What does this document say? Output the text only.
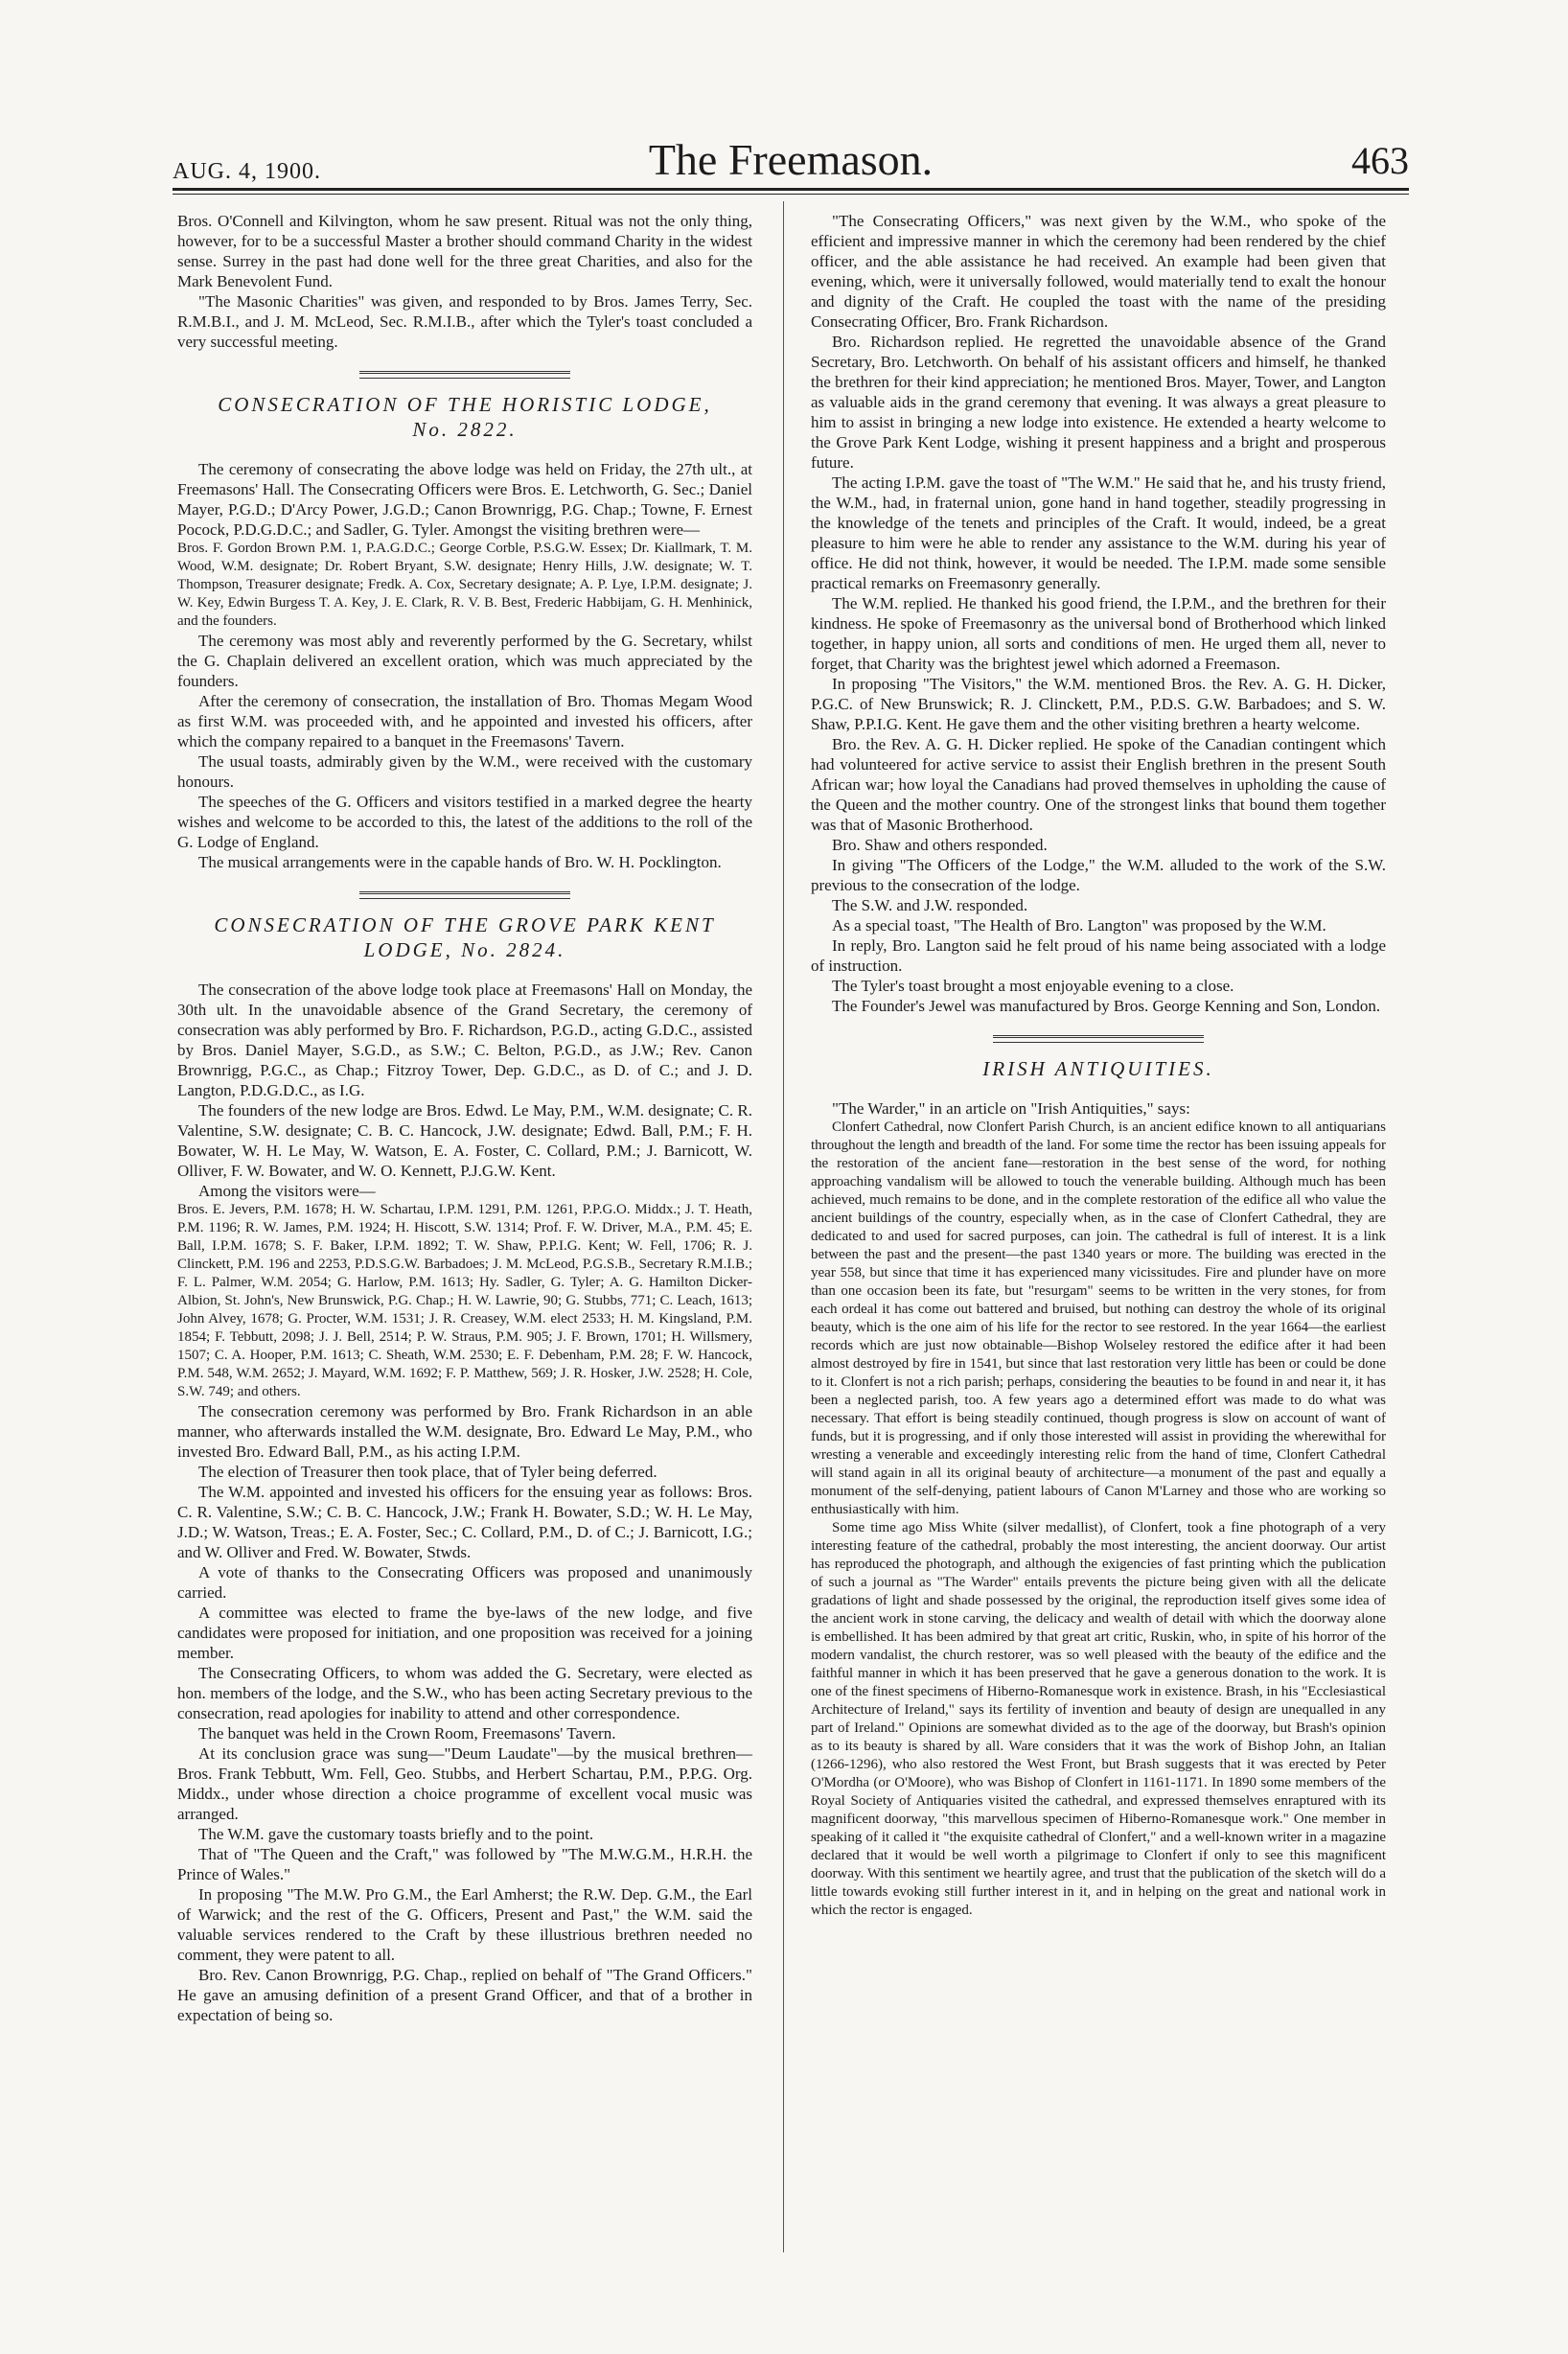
AUG. 4, 1900.	The Freemason.	463

Bros. O'Connell and Kilvington, whom he saw present. Ritual was not the only thing, however, for to be a successful Master a brother should command Charity in the widest sense. Surrey in the past had done well for the three great Charities, and also for the Mark Benevolent Fund.

"The Masonic Charities" was given, and responded to by Bros. James Terry, Sec. R.M.B.I., and J. M. McLeod, Sec. R.M.I.B., after which the Tyler's toast concluded a very successful meeting.

CONSECRATION OF THE HORISTIC LODGE,
No. 2822.

The ceremony of consecrating the above lodge was held on Friday, the 27th ult., at Freemasons' Hall. The Consecrating Officers were Bros. E. Letchworth, G. Sec.; Daniel Mayer, P.G.D.; D'Arcy Power, J.G.D.; Canon Brownrigg, P.G. Chap.; Towne, F. Ernest Pocock, P.D.G.D.C.; and Sadler, G. Tyler. Amongst the visiting brethren were—

Bros. F. Gordon Brown P.M. 1, P.A.G.D.C.; George Corble, P.S.G.W. Essex; Dr. Kiallmark, T. M. Wood, W.M. designate; Dr. Robert Bryant, S.W. designate; Henry Hills, J.W. designate; W. T. Thompson, Treasurer designate; Fredk. A. Cox, Secretary designate; A. P. Lye, I.P.M. designate; J. W. Key, Edwin Burgess T. A. Key, J. E. Clark, R. V. B. Best, Frederic Habbijam, G. H. Menhinick, and the founders.

The ceremony was most ably and reverently performed by the G. Secretary, whilst the G. Chaplain delivered an excellent oration, which was much appreciated by the founders.

After the ceremony of consecration, the installation of Bro. Thomas Megam Wood as first W.M. was proceeded with, and he appointed and invested his officers, after which the company repaired to a banquet in the Freemasons' Tavern.

The usual toasts, admirably given by the W.M., were received with the customary honours.

The speeches of the G. Officers and visitors testified in a marked degree the hearty wishes and welcome to be accorded to this, the latest of the additions to the roll of the G. Lodge of England.

The musical arrangements were in the capable hands of Bro. W. H. Pocklington.

CONSECRATION OF THE GROVE PARK KENT
LODGE, No. 2824.

The consecration of the above lodge took place at Freemasons' Hall on Monday, the 30th ult. In the unavoidable absence of the Grand Secretary, the ceremony of consecration was ably performed by Bro. F. Richardson, P.G.D., acting G.D.C., assisted by Bros. Daniel Mayer, S.G.D., as S.W.; C. Belton, P.G.D., as J.W.; Rev. Canon Brownrigg, P.G.C., as Chap.; Fitzroy Tower, Dep. G.D.C., as D. of C.; and J. D. Langton, P.D.G.D.C., as I.G.

The founders of the new lodge are Bros. Edwd. Le May, P.M., W.M. designate; C. R. Valentine, S.W. designate; C. B. C. Hancock, J.W. designate; Edwd. Ball, P.M.; F. H. Bowater, W. H. Le May, W. Watson, E. A. Foster, C. Collard, P.M.; J. Barnicott, W. Olliver, F. W. Bowater, and W. O. Kennett, P.J.G.W. Kent.

Among the visitors were—

Bros. E. Jevers, P.M. 1678; H. W. Schartau, I.P.M. 1291, P.M. 1261, P.P.G.O. Middx.; J. T. Heath, P.M. 1196; R. W. James, P.M. 1924; H. Hiscott, S.W. 1314; Prof. F. W. Driver, M.A., P.M. 45; E. Ball, I.P.M. 1678; S. F. Baker, I.P.M. 1892; T. W. Shaw, P.P.I.G. Kent; W. Fell, 1706; R. J. Clinckett, P.M. 196 and 2253, P.D.S.G.W. Barbadoes; J. M. McLeod, P.G.S.B., Secretary R.M.I.B.; F. L. Palmer, W.M. 2054; G. Harlow, P.M. 1613; Hy. Sadler, G. Tyler; A. G. Hamilton Dicker-Albion, St. John's, New Brunswick, P.G. Chap.; H. W. Lawrie, 90; G. Stubbs, 771; C. Leach, 1613; John Alvey, 1678; G. Procter, W.M. 1531; J. R. Creasey, W.M. elect 2533; H. M. Kingsland, P.M. 1854; F. Tebbutt, 2098; J. J. Bell, 2514; P. W. Straus, P.M. 905; J. F. Brown, 1701; H. Willsmery, 1507; C. A. Hooper, P.M. 1613; C. Sheath, W.M. 2530; E. F. Debenham, P.M. 28; F. W. Hancock, P.M. 548, W.M. 2652; J. Mayard, W.M. 1692; F. P. Matthew, 569; J. R. Hosker, J.W. 2528; H. Cole, S.W. 749; and others.

The consecration ceremony was performed by Bro. Frank Richardson in an able manner, who afterwards installed the W.M. designate, Bro. Edward Le May, P.M., who invested Bro. Edward Ball, P.M., as his acting I.P.M.

The election of Treasurer then took place, that of Tyler being deferred.

The W.M. appointed and invested his officers for the ensuing year as follows: Bros. C. R. Valentine, S.W.; C. B. C. Hancock, J.W.; Frank H. Bowater, S.D.; W. H. Le May, J.D.; W. Watson, Treas.; E. A. Foster, Sec.; C. Collard, P.M., D. of C.; J. Barnicott, I.G.; and W. Olliver and Fred. W. Bowater, Stwds.

A vote of thanks to the Consecrating Officers was proposed and unanimously carried.

A committee was elected to frame the bye-laws of the new lodge, and five candidates were proposed for initiation, and one proposition was received for a joining member.

The Consecrating Officers, to whom was added the G. Secretary, were elected as hon. members of the lodge, and the S.W., who has been acting Secretary previous to the consecration, read apologies for inability to attend and other correspondence.

The banquet was held in the Crown Room, Freemasons' Tavern.

At its conclusion grace was sung—"Deum Laudate"—by the musical brethren—Bros. Frank Tebbutt, Wm. Fell, Geo. Stubbs, and Herbert Schartau, P.M., P.P.G. Org. Middx., under whose direction a choice programme of excellent vocal music was arranged.

The W.M. gave the customary toasts briefly and to the point.

That of "The Queen and the Craft," was followed by "The M.W.G.M., H.R.H. the Prince of Wales."

In proposing "The M.W. Pro G.M., the Earl Amherst; the R.W. Dep. G.M., the Earl of Warwick; and the rest of the G. Officers, Present and Past," the W.M. said the valuable services rendered to the Craft by these illustrious brethren needed no comment, they were patent to all.

Bro. Rev. Canon Brownrigg, P.G. Chap., replied on behalf of "The Grand Officers." He gave an amusing definition of a present Grand Officer, and that of a brother in expectation of being so.

"The Consecrating Officers," was next given by the W.M., who spoke of the efficient and impressive manner in which the ceremony had been rendered by the chief officer, and the able assistance he had received. An example had been given that evening, which, were it universally followed, would materially tend to exalt the honour and dignity of the Craft. He coupled the toast with the name of the presiding Consecrating Officer, Bro. Frank Richardson.

Bro. Richardson replied. He regretted the unavoidable absence of the Grand Secretary, Bro. Letchworth. On behalf of his assistant officers and himself, he thanked the brethren for their kind appreciation; he mentioned Bros. Mayer, Tower, and Langton as valuable aids in the grand ceremony that evening. It was always a great pleasure to him to assist in bringing a new lodge into existence. He extended a hearty welcome to the Grove Park Kent Lodge, wishing it present happiness and a bright and prosperous future.

The acting I.P.M. gave the toast of "The W.M." He said that he, and his trusty friend, the W.M., had, in fraternal union, gone hand in hand together, steadily progressing in the knowledge of the tenets and principles of the Craft. It would, indeed, be a great pleasure to him were he able to render any assistance to the W.M. during his year of office. He did not think, however, it would be needed. The I.P.M. made some sensible practical remarks on Freemasonry generally.

The W.M. replied. He thanked his good friend, the I.P.M., and the brethren for their kindness. He spoke of Freemasonry as the universal bond of Brotherhood which linked together, in happy union, all sorts and conditions of men. He urged them all, never to forget, that Charity was the brightest jewel which adorned a Freemason.

In proposing "The Visitors," the W.M. mentioned Bros. the Rev. A. G. H. Dicker, P.G.C. of New Brunswick; R. J. Clinckett, P.M., P.D.S. G.W. Barbadoes; and S. W. Shaw, P.P.I.G. Kent. He gave them and the other visiting brethren a hearty welcome.

Bro. the Rev. A. G. H. Dicker replied. He spoke of the Canadian contingent which had volunteered for active service to assist their English brethren in the present South African war; how loyal the Canadians had proved themselves in upholding the cause of the Queen and the mother country. One of the strongest links that bound them together was that of Masonic Brotherhood.

Bro. Shaw and others responded.

In giving "The Officers of the Lodge," the W.M. alluded to the work of the S.W. previous to the consecration of the lodge.

The S.W. and J.W. responded.

As a special toast, "The Health of Bro. Langton" was proposed by the W.M.

In reply, Bro. Langton said he felt proud of his name being associated with a lodge of instruction.

The Tyler's toast brought a most enjoyable evening to a close.

The Founder's Jewel was manufactured by Bros. George Kenning and Son, London.

IRISH ANTIQUITIES.

"The Warder," in an article on "Irish Antiquities," says:

Clonfert Cathedral, now Clonfert Parish Church, is an ancient edifice known to all antiquarians throughout the length and breadth of the land. For some time the rector has been issuing appeals for the restoration of the ancient fane—restoration in the best sense of the word, for nothing approaching vandalism will be allowed to touch the venerable building. Although much has been achieved, much remains to be done, and in the complete restoration of the edifice all who value the ancient buildings of the country, especially when, as in the case of Clonfert Cathedral, they are dedicated to and used for sacred purposes, can join. The cathedral is full of interest. It is a link between the past and the present—the past 1340 years or more. The building was erected in the year 558, but since that time it has experienced many vicissitudes. Fire and plunder have on more than one occasion been its fate, but "resurgam" seems to be written in the very stones, for from each ordeal it has come out battered and bruised, but nothing can destroy the whole of its original beauty, which is the one aim of his life for the rector to see restored. In the year 1664—the earliest records which are just now obtainable—Bishop Wolseley restored the edifice after it had been almost destroyed by fire in 1541, but since that last restoration very little has been or could be done to it. Clonfert is not a rich parish; perhaps, considering the beauties to be found in and near it, it has been a neglected parish, too. A few years ago a determined effort was made to do what was necessary. That effort is being steadily continued, though progress is slow on account of want of funds, but it is progressing, and if only those interested will assist in providing the wherewithal for wresting a venerable and exceedingly interesting relic from the hand of time, Clonfert Cathedral will stand again in all its original beauty of architecture—a monument of the past and equally a monument of the self-denying, patient labours of Canon M'Larney and those who are working so enthusiastically with him.

Some time ago Miss White (silver medallist), of Clonfert, took a fine photograph of a very interesting feature of the cathedral, probably the most interesting, the ancient doorway. Our artist has reproduced the photograph, and although the exigencies of fast printing which the publication of such a journal as "The Warder" entails prevents the picture being given with all the delicate gradations of light and shade possessed by the original, the reproduction itself gives some idea of the ancient work in stone carving, the delicacy and wealth of detail with which the doorway alone is embellished. It has been admired by that great art critic, Ruskin, who, in spite of his horror of the modern vandalist, the church restorer, was so well pleased with the beauty of the edifice and the faithful manner in which it has been preserved that he gave a generous donation to the work. It is one of the finest specimens of Hiberno-Romanesque work in existence. Brash, in his "Ecclesiastical Architecture of Ireland," says its fertility of invention and beauty of design are unequalled in any part of Ireland." Opinions are somewhat divided as to the age of the doorway, but Brash's opinion as to its beauty is shared by all. Ware considers that it was the work of Bishop John, an Italian (1266-1296), who also restored the West Front, but Brash suggests that it was erected by Peter O'Mordha (or O'Moore), who was Bishop of Clonfert in 1161-1171. In 1890 some members of the Royal Society of Antiquaries visited the cathedral, and expressed themselves enraptured with its magnificent doorway, "this marvellous specimen of Hiberno-Romanesque work." One member in speaking of it called it "the exquisite cathedral of Clonfert," and a well-known writer in a magazine declared that it would be well worth a pilgrimage to Clonfert if only to see this magnificent doorway. With this sentiment we heartily agree, and trust that the publication of the sketch will do a little towards evoking still further interest in it, and in helping on the great and national work in which the rector is engaged.
